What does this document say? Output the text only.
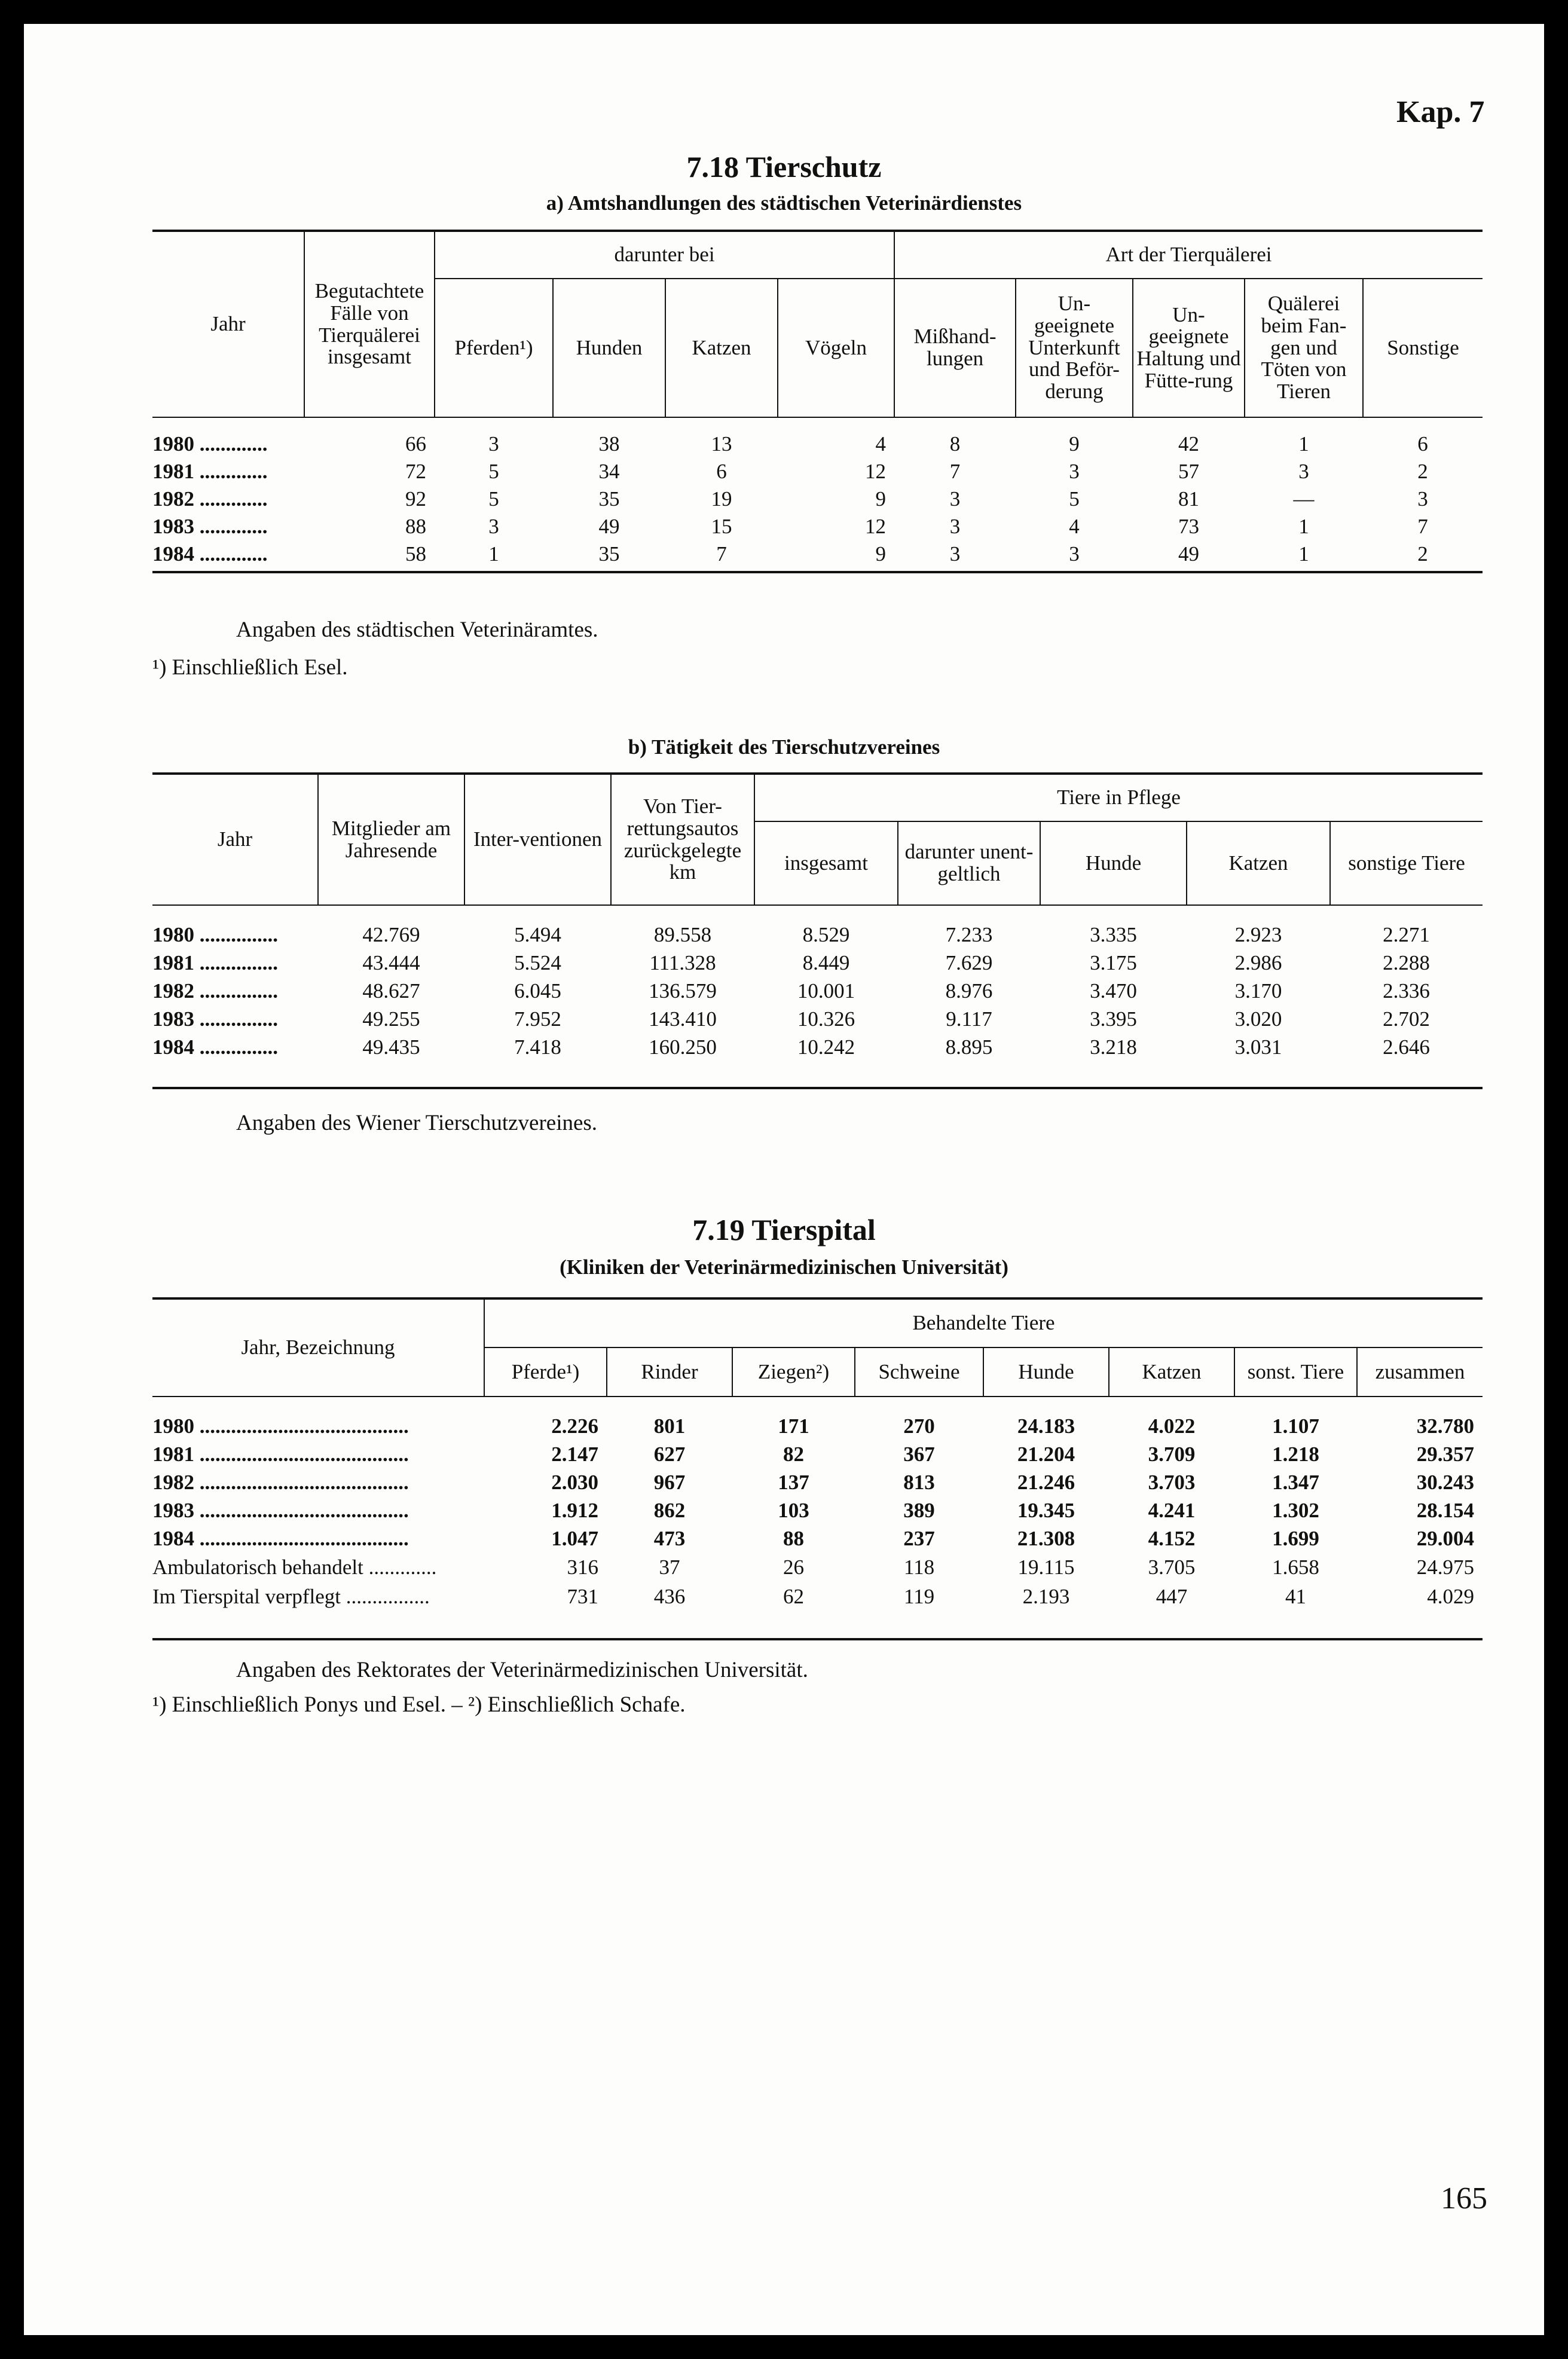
Kap. 7
7.18 Tierschutz
a) Amtshandlungen des städtischen Veterinärdienstes
Jahr	Begutachtete Fälle von Tierquälerei insgesamt	darunter bei				Art der Tierquälerei				
		Pferden¹)	Hunden	Katzen	Vögeln	Mißhand-lungen	Un-geeignete Unterkunft und Beför-derung	Un-geeignete Haltung und Fütte-rung	Quälerei beim Fan-gen und Töten von Tieren	Sonstige

1980 .............	66	3	38	13	4	8	9	42	1	6
1981 .............	72	5	34	6	12	7	3	57	3	2
1982 .............	92	5	35	19	9	3	5	81	—	3
1983 .............	88	3	49	15	12	3	4	73	1	7
1984 .............	58	1	35	7	9	3	3	49	1	2
Angaben des städtischen Veterinäramtes.
¹) Einschließlich Esel.
b) Tätigkeit des Tierschutzvereines
Jahr	Mitglieder am Jahresende	Inter-ventionen	Von Tier-rettungsautos zurückgelegte km	Tiere in Pflege				
				insgesamt	darunter unent-geltlich	Hunde	Katzen	sonstige Tiere

1980 ...............	42.769	5.494	89.558	8.529	7.233	3.335	2.923	2.271
1981 ...............	43.444	5.524	111.328	8.449	7.629	3.175	2.986	2.288
1982 ...............	48.627	6.045	136.579	10.001	8.976	3.470	3.170	2.336
1983 ...............	49.255	7.952	143.410	10.326	9.117	3.395	3.020	2.702
1984 ...............	49.435	7.418	160.250	10.242	8.895	3.218	3.031	2.646
Angaben des Wiener Tierschutzvereines.
7.19 Tierspital
(Kliniken der Veterinärmedizinischen Universität)
Jahr, Bezeichnung	Behandelte Tiere							
	Pferde¹)	Rinder	Ziegen²)	Schweine	Hunde	Katzen	sonst. Tiere	zusammen

1980 ........................................	2.226	801	171	270	24.183	4.022	1.107	32.780
1981 ........................................	2.147	627	82	367	21.204	3.709	1.218	29.357
1982 ........................................	2.030	967	137	813	21.246	3.703	1.347	30.243
1983 ........................................	1.912	862	103	389	19.345	4.241	1.302	28.154
1984 ........................................	1.047	473	88	237	21.308	4.152	1.699	29.004
Ambulatorisch behandelt .............	316	37	26	118	19.115	3.705	1.658	24.975
Im Tierspital verpflegt ................	731	436	62	119	2.193	447	41	4.029
Angaben des Rektorates der Veterinärmedizinischen Universität.
¹) Einschließlich Ponys und Esel. – ²) Einschließlich Schafe.
165
